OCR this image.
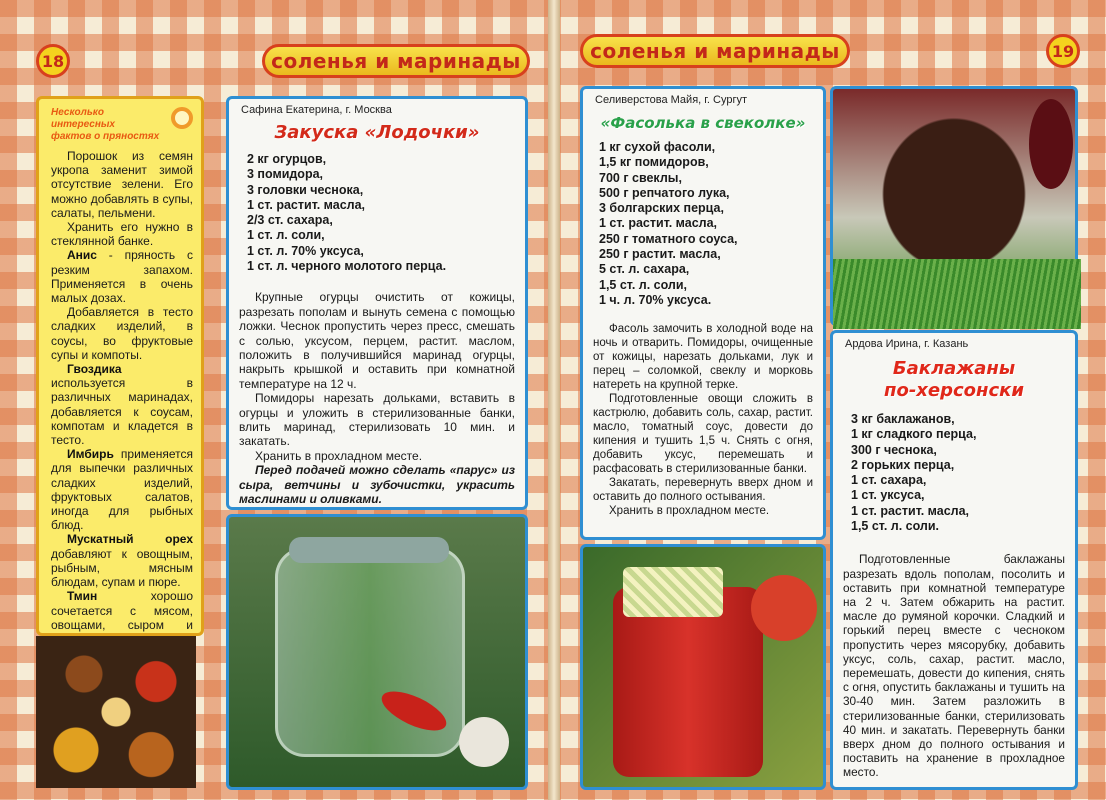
18	соленья и маринады
Несколько
интересных
фактов о пряностях

Порошок из семян укропа заменит зимой отсутствие зелени. Его можно добавлять в супы, салаты, пельмени.

Хранить его нужно в стеклянной банке.

Анис - пряность с резким запахом. Применяется в очень малых дозах.

Добавляется в тесто сладких изделий, в соусы, во фруктовые супы и компоты.

Гвоздика используется в различных маринадах, добавляется к соусам, компотам и кладется в тесто.

Имбирь применяется для выпечки различных сладких изделий, фруктовых салатов, иногда для рыбных блюд.

Мускатный орех добавляют к овощным, рыбным, мясным блюдам, супам и пюре.

Тмин	хорошо сочетается с мясом, овощами, сыром и

Сафина Екатерина, г. Москва
Закуска «Лодочки»
2 кг огурцов,
3 помидора,
3 головки чеснока,
1 ст. растит. масла,
2/3 ст. сахара,
1 ст. л. соли,
1 ст. л. 70% уксуса,
1 ст. л. черного молотого перца.

Крупные огурцы очистить от кожицы, разрезать пополам и вынуть семена с помощью ложки. Чеснок пропустить через пресс, смешать с солью, уксусом, перцем, растит. маслом, положить в получившийся маринад огурцы, накрыть крышкой и оставить при комнатной температуре на 12 ч.

Помидоры нарезать дольками, вставить в огурцы и уложить в стерилизованные банки, влить маринад, стерилизовать 10 мин. и закатать.

Хранить в прохладном месте.

Перед подачей можно сделать «парус» из сыра, ветчины и зубочистки, украсить маслинами и оливками.

соленья и маринады	19
Селиверстова Майя, г. Сургут
«Фасолька в свеколке»
1 кг сухой фасоли,
1,5 кг помидоров,
700 г свеклы,
500 г репчатого лука,
3 болгарских перца,
1 ст. растит. масла,
250 г томатного соуса,
250 г растит. масла,
5 ст. л. сахара,
1,5 ст. л. соли,
1 ч. л. 70% уксуса.

Фасоль замочить в холодной воде на ночь и отварить. Помидоры, очищенные от кожицы, нарезать дольками, лук и перец – соломкой, свеклу и морковь натереть на крупной терке.

Подготовленные овощи сложить в кастрюлю, добавить соль, сахар, растит. масло, томатный соус, довести до кипения и тушить 1,5 ч. Снять с огня, добавить уксус, перемешать и расфасовать в стерилизованные банки.

Закатать, перевернуть вверх дном и оставить до полного остывания.

Хранить в прохладном месте.

Ардова Ирина, г. Казань
Баклажаны
по-херсонски
3 кг баклажанов,
1 кг сладкого перца,
300 г чеснока,
2 горьких перца,
1 ст. сахара,
1 ст. уксуса,
1 ст. растит. масла,
1,5 ст. л. соли.

Подготовленные баклажаны разрезать вдоль пополам, посолить и оставить при комнатной температуре на 2 ч. Затем обжарить на растит. масле до румяной корочки. Сладкий и горький перец вместе с чесноком пропустить через мясорубку, добавить уксус, соль, сахар, растит. масло, перемешать, довести до кипения, снять с огня, опустить баклажаны и тушить на 30-40 мин. Затем разложить в стерилизованные банки, стерилизовать 40 мин. и закатать. Перевернуть банки вверх дном до полного остывания и поставить на хранение в прохладное место.
